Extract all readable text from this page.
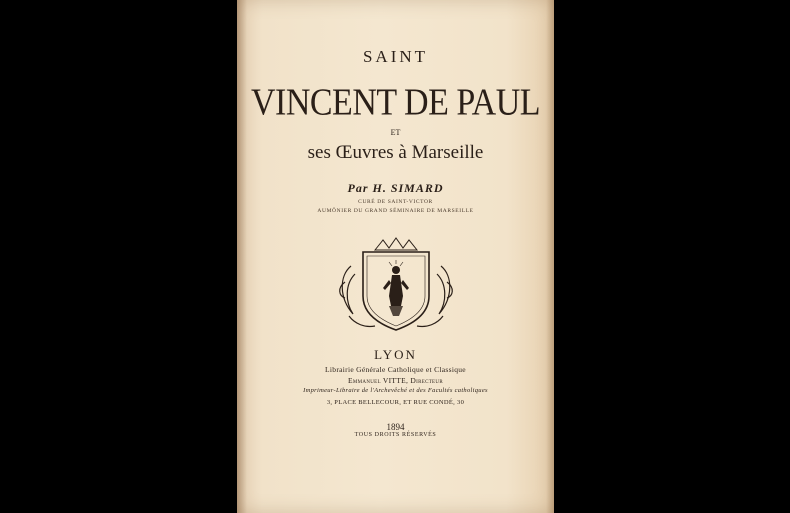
SAINT
VINCENT DE PAUL
ET
ses Œuvres à Marseille
Par H. SIMARD
CURÉ DE SAINT-VICTOR
AUMÔNIER DU GRAND SÉMINAIRE DE MARSEILLE
LYON
Librairie Générale Catholique et Classique
Emmanuel VITTE, Directeur
Imprimeur-Libraire de l'Archevêché et des Facultés catholiques
3, PLACE BELLECOUR, ET RUE CONDÉ, 30
1894
TOUS DROITS RÉSERVÉS
